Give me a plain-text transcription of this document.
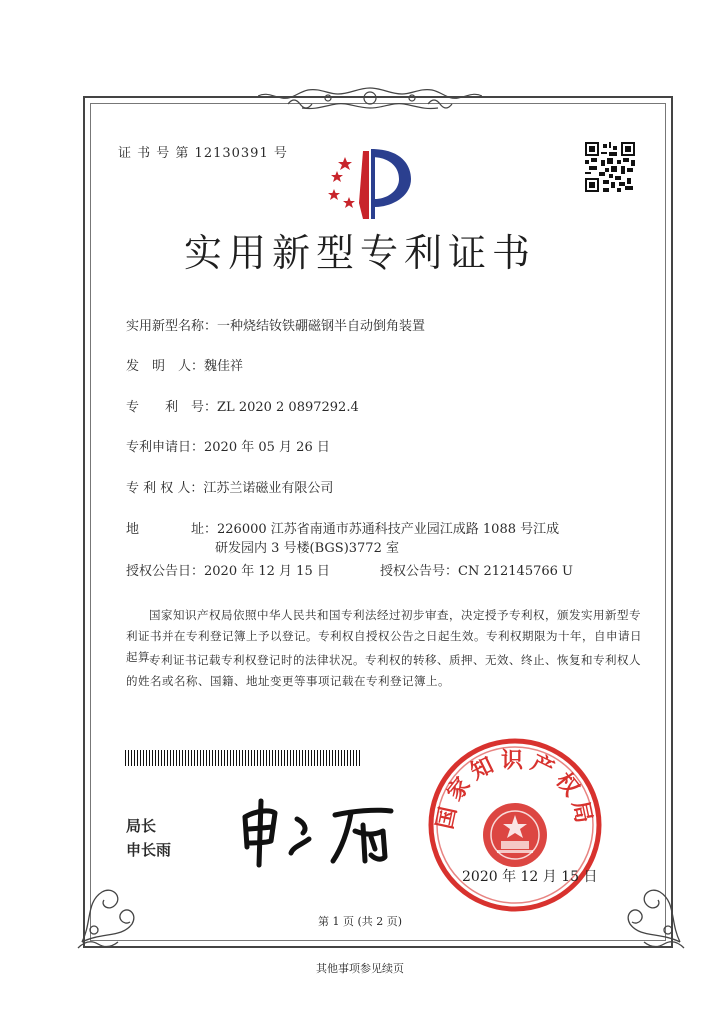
证 书 号 第 12130391 号
实用新型专利证书
实用新型名称：一种烧结钕铁硼磁钢半自动倒角装置
发　明　人：魏佳祥
专　　利　号：ZL 2020 2 0897292.4
专利申请日：2020 年 05 月 26 日
专 利 权 人：江苏兰诺磁业有限公司
地　　　　址：226000 江苏省南通市苏通科技产业园江成路 1088 号江成
研发园内 3 号楼(BGS)3772 室
授权公告日：2020 年 12 月 15 日	授权公告号：CN 212145766 U
国家知识产权局依照中华人民共和国专利法经过初步审查，决定授予专利权，颁发实用新型专利证书并在专利登记簿上予以登记。专利权自授权公告之日起生效。专利权期限为十年，自申请日起算。
专利证书记载专利权登记时的法律状况。专利权的转移、质押、无效、终止、恢复和专利权人的姓名或名称、国籍、地址变更等事项记载在专利登记簿上。
局长
申长雨
国家知识产权局
2020 年 12 月 15 日
第 1 页 (共 2 页)
其他事项参见续页
